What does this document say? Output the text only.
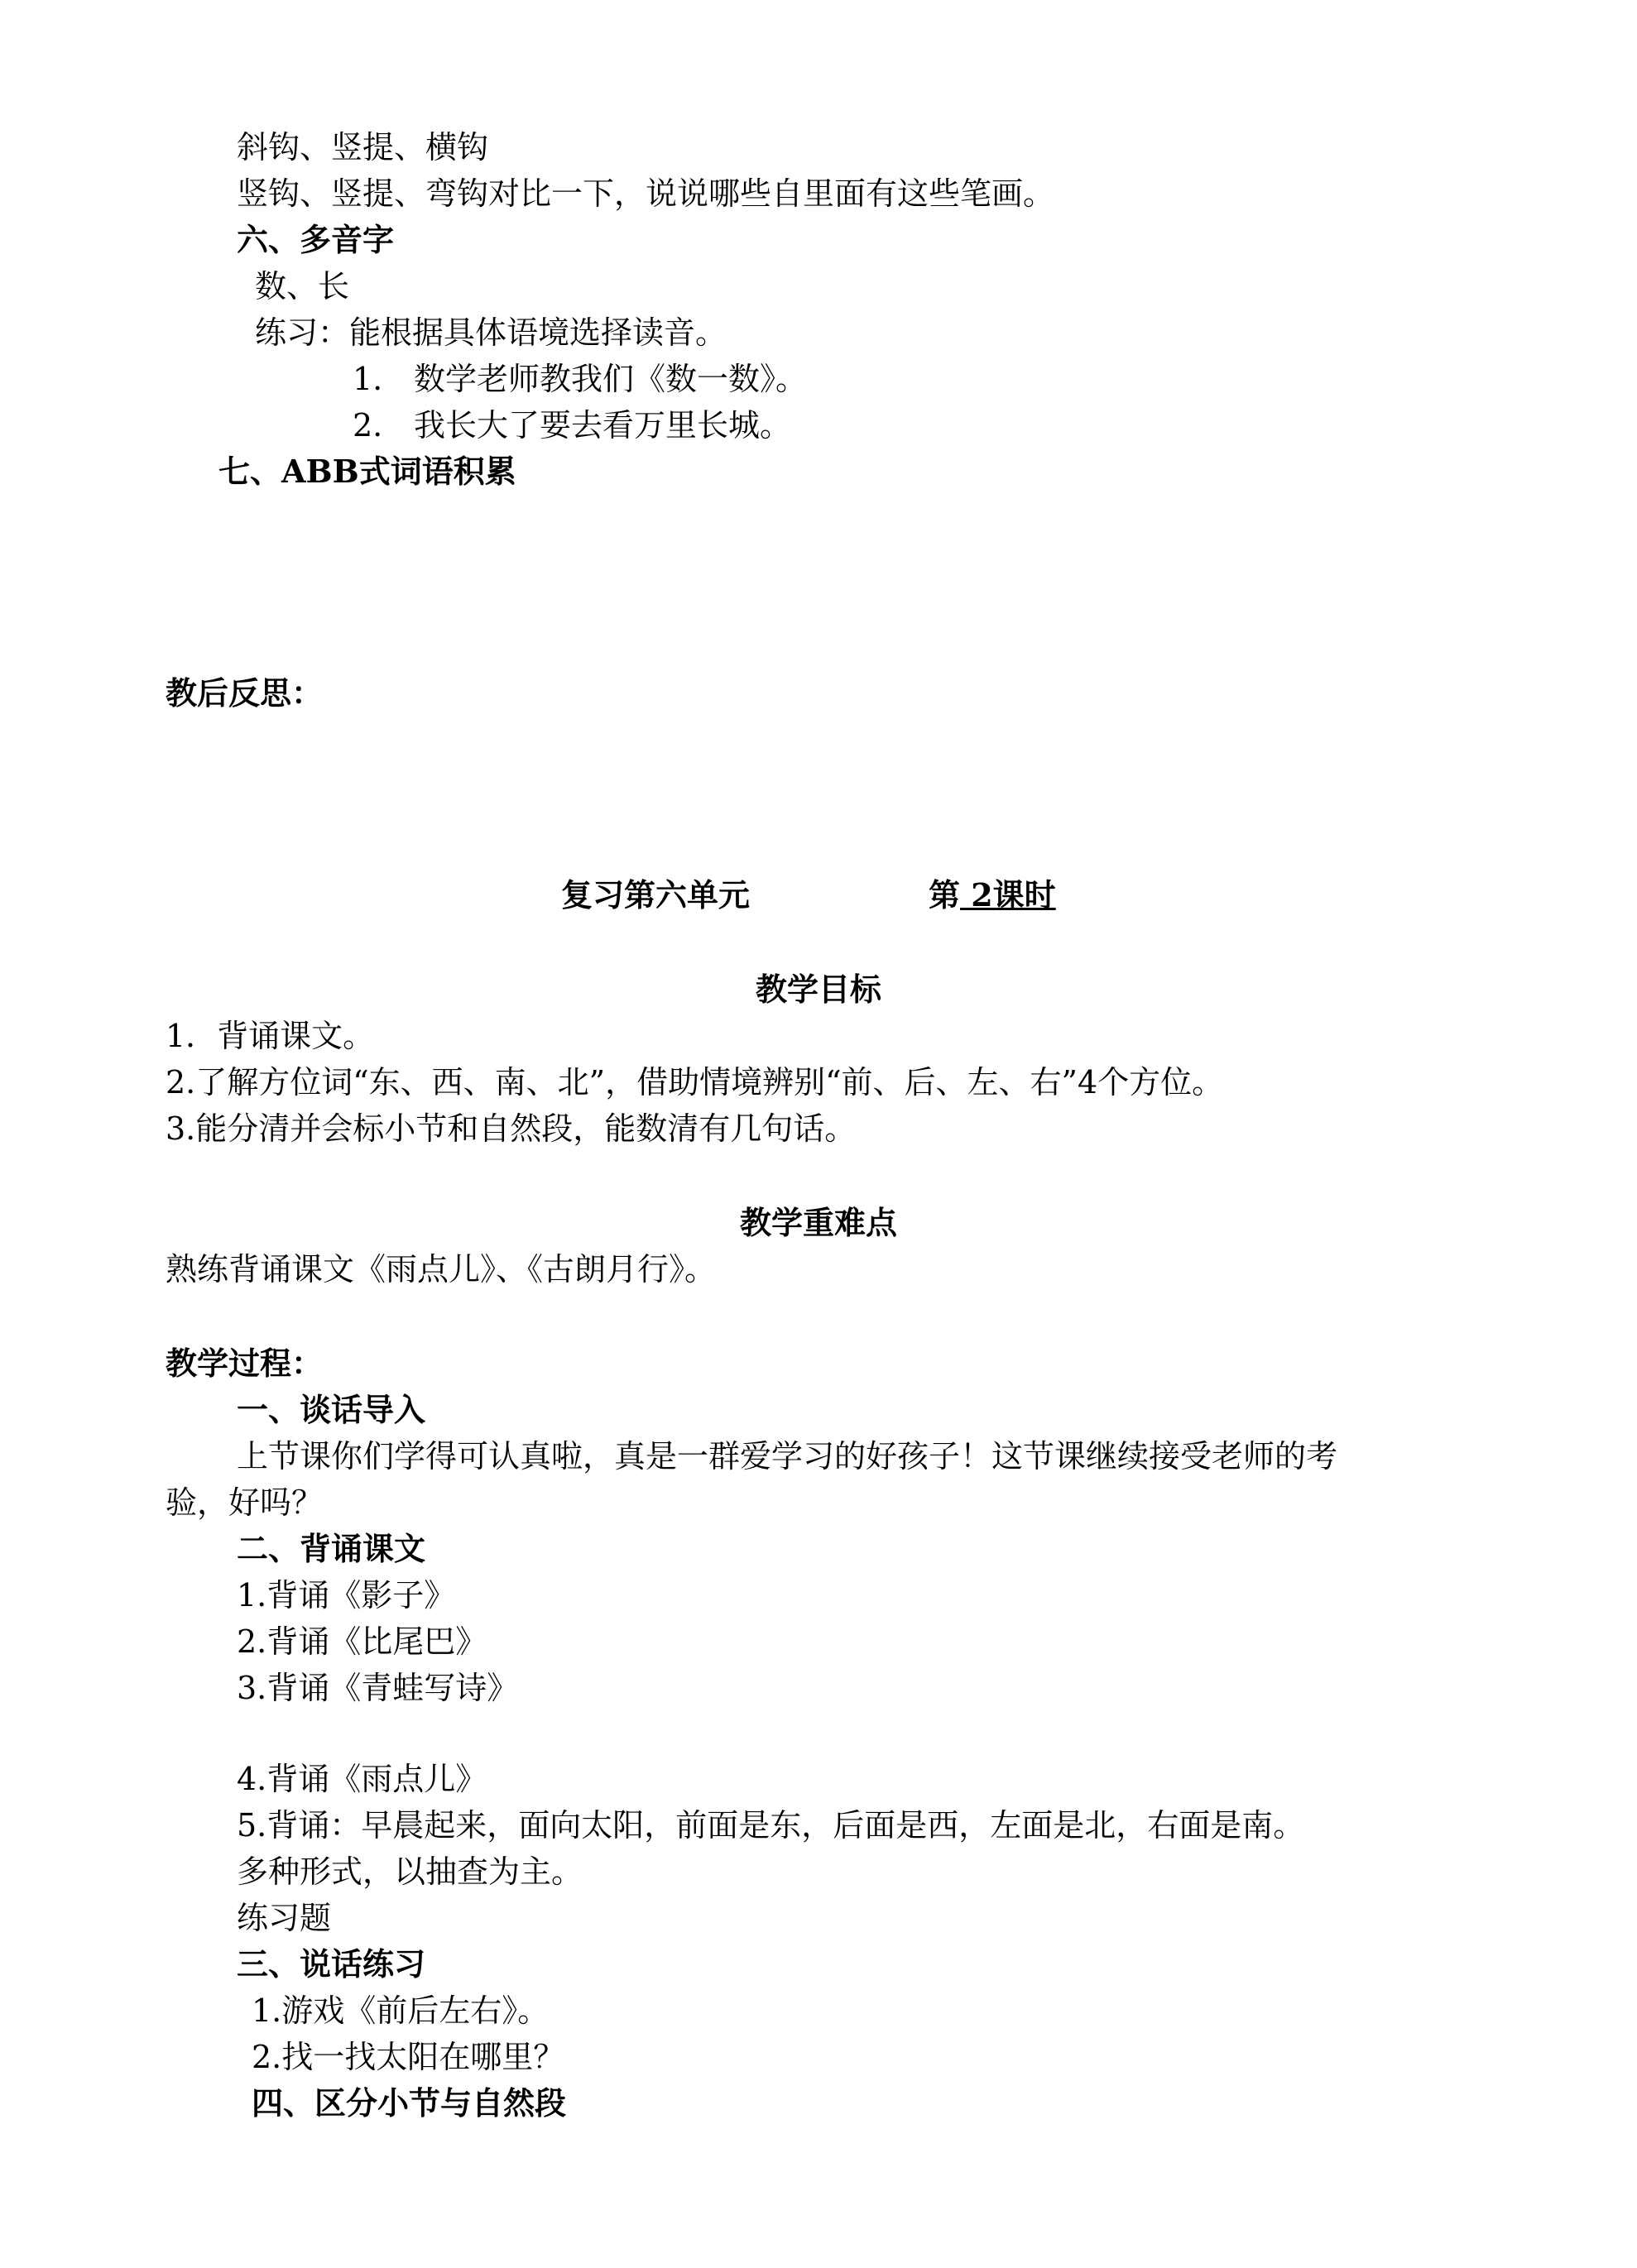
斜钩、竖提、横钩
竖钩、竖提、弯钩对比一下，说说哪些自里面有这些笔画。
六、多音字
数、长
练习：能根据具体语境选择读音。
1. 数学老师教我们《数一数》。
2. 我长大了要去看万里长城。
七、ABB式词语积累
教后反思：
复习第六单元	第 2课时
教学目标
1．背诵课文。
2.了解方位词“东、西、南、北”，借助情境辨别“前、后、左、右”4个方位。
3.能分清并会标小节和自然段，能数清有几句话。
教学重难点
熟练背诵课文《雨点儿》、《古朗月行》。
教学过程：
一、谈话导入
上节课你们学得可认真啦，真是一群爱学习的好孩子！这节课继续接受老师的考
验，好吗？
二、背诵课文
1.背诵《影子》
2.背诵《比尾巴》
3.背诵《青蛙写诗》
4.背诵《雨点儿》
5.背诵：早晨起来，面向太阳，前面是东，后面是西，左面是北，右面是南。
多种形式，以抽查为主。
练习题
三、说话练习
1.游戏《前后左右》。
2.找一找太阳在哪里？
四、区分小节与自然段
